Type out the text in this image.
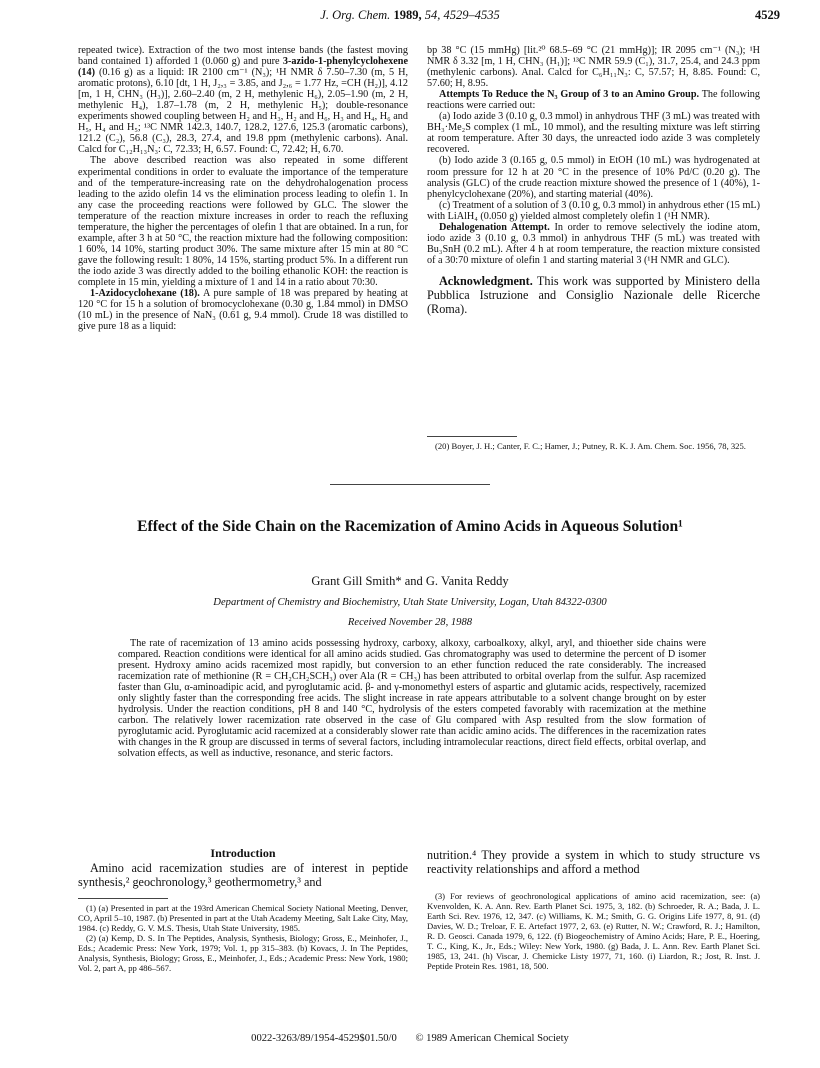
J. Org. Chem. 1989, 54, 4529–4535	4529

repeated twice). Extraction of the two most intense bands (the fastest moving band contained 1) afforded 1 (0.060 g) and pure 3-azido-1-phenylcyclohexene (14) (0.16 g) as a liquid: IR 2100 cm⁻¹ (N₃); ¹H NMR δ 7.50–7.30 (m, 5 H, aromatic protons), 6.10 [dt, 1 H, J₂,₃ = 3.85, and J₂,₆ = 1.77 Hz, =CH (H₂)], 4.12 [m, 1 H, CHN₃ (H₃)], 2.60–2.40 (m, 2 H, methylenic H₆), 2.05–1.90 (m, 2 H, methylenic H₄), 1.87–1.78 (m, 2 H, methylenic H₅); double-resonance experiments showed coupling between H₂ and H₃, H₂ and H₆, H₃ and H₄, H₆ and H₅, H₄ and H₅; ¹³C NMR 142.3, 140.7, 128.2, 127.6, 125.3 (aromatic carbons), 121.2 (C₂), 56.8 (C₃), 28.3, 27.4, and 19.8 ppm (methylenic carbons). Anal. Calcd for C₁₂H₁₃N₃: C, 72.33; H, 6.57. Found: C, 72.42; H, 6.70.

The above described reaction was also repeated in some different experimental conditions in order to evaluate the importance of the temperature and of the temperature-increasing rate on the dehydrohalogenation process leading to the azido olefin 14 vs the elimination process leading to olefin 1. In any case the proceeding reactions were followed by GLC. The slower the temperature of the reaction mixture increases in order to reach the refluxing temperature, the higher the percentages of olefin 1 that are obtained. In a run, for example, after 3 h at 50 °C, the reaction mixture had the following composition: 1 60%, 14 10%, starting product 30%. The same mixture after 15 min at 80 °C gave the following result: 1 80%, 14 15%, starting product 5%. In a different run the iodo azide 3 was directly added to the boiling ethanolic KOH: the reaction is complete in 15 min, yielding a mixture of 1 and 14 in a ratio about 70:30.

1-Azidocyclohexane (18). A pure sample of 18 was prepared by heating at 120 °C for 15 h a solution of bromocyclohexane (0.30 g, 1.84 mmol) in DMSO (10 mL) in the presence of NaN₃ (0.61 g, 9.4 mmol). Crude 18 was distilled to give pure 18 as a liquid:

bp 38 °C (15 mmHg) [lit.²⁰ 68.5–69 °C (21 mmHg)]; IR 2095 cm⁻¹ (N₃); ¹H NMR δ 3.32 [m, 1 H, CHN₃ (H₁)]; ¹³C NMR 59.9 (C₁), 31.7, 25.4, and 24.3 ppm (methylenic carbons). Anal. Calcd for C₆H₁₁N₃: C, 57.57; H, 8.85. Found: C, 57.60; H, 8.95.

Attempts To Reduce the N₃ Group of 3 to an Amino Group. The following reactions were carried out:

(a) Iodo azide 3 (0.10 g, 0.3 mmol) in anhydrous THF (3 mL) was treated with BH₃·Me₂S complex (1 mL, 10 mmol), and the resulting mixture was left stirring at room temperature. After 30 days, the unreacted iodo azide 3 was completely recovered.

(b) Iodo azide 3 (0.165 g, 0.5 mmol) in EtOH (10 mL) was hydrogenated at room pressure for 12 h at 20 °C in the presence of 10% Pd/C (0.20 g). The analysis (GLC) of the crude reaction mixture showed the presence of 1 (40%), 1-phenylcyclohexane (20%), and starting material (40%).

(c) Treatment of a solution of 3 (0.10 g, 0.3 mmol) in anhydrous ether (15 mL) with LiAlH₄ (0.050 g) yielded almost completely olefin 1 (¹H NMR).

Dehalogenation Attempt. In order to remove selectively the iodine atom, iodo azide 3 (0.10 g, 0.3 mmol) in anhydrous THF (5 mL) was treated with Bu₃SnH (0.2 mL). After 4 h at room temperature, the reaction mixture consisted of a 30:70 mixture of olefin 1 and starting material 3 (¹H NMR and GLC).

Acknowledgment. This work was supported by Ministero della Pubblica Istruzione and Consiglio Nazionale delle Ricerche (Roma).

(20) Boyer, J. H.; Canter, F. C.; Hamer, J.; Putney, R. K. J. Am. Chem. Soc. 1956, 78, 325.

Effect of the Side Chain on the Racemization of Amino Acids in Aqueous Solution¹
Grant Gill Smith* and G. Vanita Reddy
Department of Chemistry and Biochemistry, Utah State University, Logan, Utah 84322-0300
Received November 28, 1988
The rate of racemization of 13 amino acids possessing hydroxy, carboxy, alkoxy, carboalkoxy, alkyl, aryl, and thioether side chains were compared. Reaction conditions were identical for all amino acids studied. Gas chromatography was used to determine the percent of D isomer present. Hydroxy amino acids racemized most rapidly, but conversion to an ether function reduced the rate considerably. The increased racemization rate of methionine (R = CH₂CH₂SCH₃) over Ala (R = CH₃) has been attributed to orbital overlap from the sulfur. Asp racemized faster than Glu, α-aminoadipic acid, and pyroglutamic acid. β- and γ-monomethyl esters of aspartic and glutamic acids, respectively, racemized only slightly faster than the corresponding free acids. The slight increase in rate appears attributable to a solvent change brought on by ester hydrolysis. Under the reaction conditions, pH 8 and 140 °C, hydrolysis of the esters competed favorably with racemization at the methine carbon. The relatively lower racemization rate observed in the case of Glu compared with Asp resulted from the slow formation of pyroglutamic acid. Pyroglutamic acid racemized at a considerably slower rate than acidic amino acids. The differences in the racemization rates with changes in the R group are discussed in terms of several factors, including intramolecular reactions, direct field effects, orbital overlap, and solvation effects, as well as inductive, resonance, and steric factors.
Introduction
Amino acid racemization studies are of interest in peptide synthesis,² geochronology,³ geothermometry,³ and
nutrition.⁴ They provide a system in which to study structure vs reactivity relationships and afford a method

(1) (a) Presented in part at the 193rd American Chemical Society National Meeting, Denver, CO, April 5–10, 1987. (b) Presented in part at the Utah Academy Meeting, Salt Lake City, May, 1984. (c) Reddy, G. V. M.S. Thesis, Utah State University, 1985.

(2) (a) Kemp, D. S. In The Peptides, Analysis, Synthesis, Biology; Gross, E., Meinhofer, J., Eds.; Academic Press: New York, 1979; Vol. 1, pp 315–383. (b) Kovacs, J. In The Peptides, Analysis, Synthesis, Biology; Gross, E., Meinhofer, J., Eds.; Academic Press: New York, 1980; Vol. 2, part A, pp 486–567.

(3) For reviews of geochronological applications of amino acid racemization, see: (a) Kvenvolden, K. A. Ann. Rev. Earth Planet Sci. 1975, 3, 182. (b) Schroeder, R. A.; Bada, J. L. Earth Sci. Rev. 1976, 12, 347. (c) Williams, K. M.; Smith, G. G. Origins Life 1977, 8, 91. (d) Davies, W. D.; Treloar, F. E. Artefact 1977, 2, 63. (e) Rutter, N. W.; Crawford, R. J.; Hamilton, R. D. Geosci. Canada 1979, 6, 122. (f) Biogeochemistry of Amino Acids; Hare, P. E., Hoering, T. C., King, K., Jr., Eds.; Wiley: New York, 1980. (g) Bada, J. L. Ann. Rev. Earth Planet Sci. 1985, 13, 241. (h) Viscar, J. Chemicke Listy 1977, 71, 160. (i) Liardon, R.; Jost, R. Inst. J. Peptide Protein Res. 1981, 18, 500.

0022-3263/89/1954-4529$01.50/0 © 1989 American Chemical Society
